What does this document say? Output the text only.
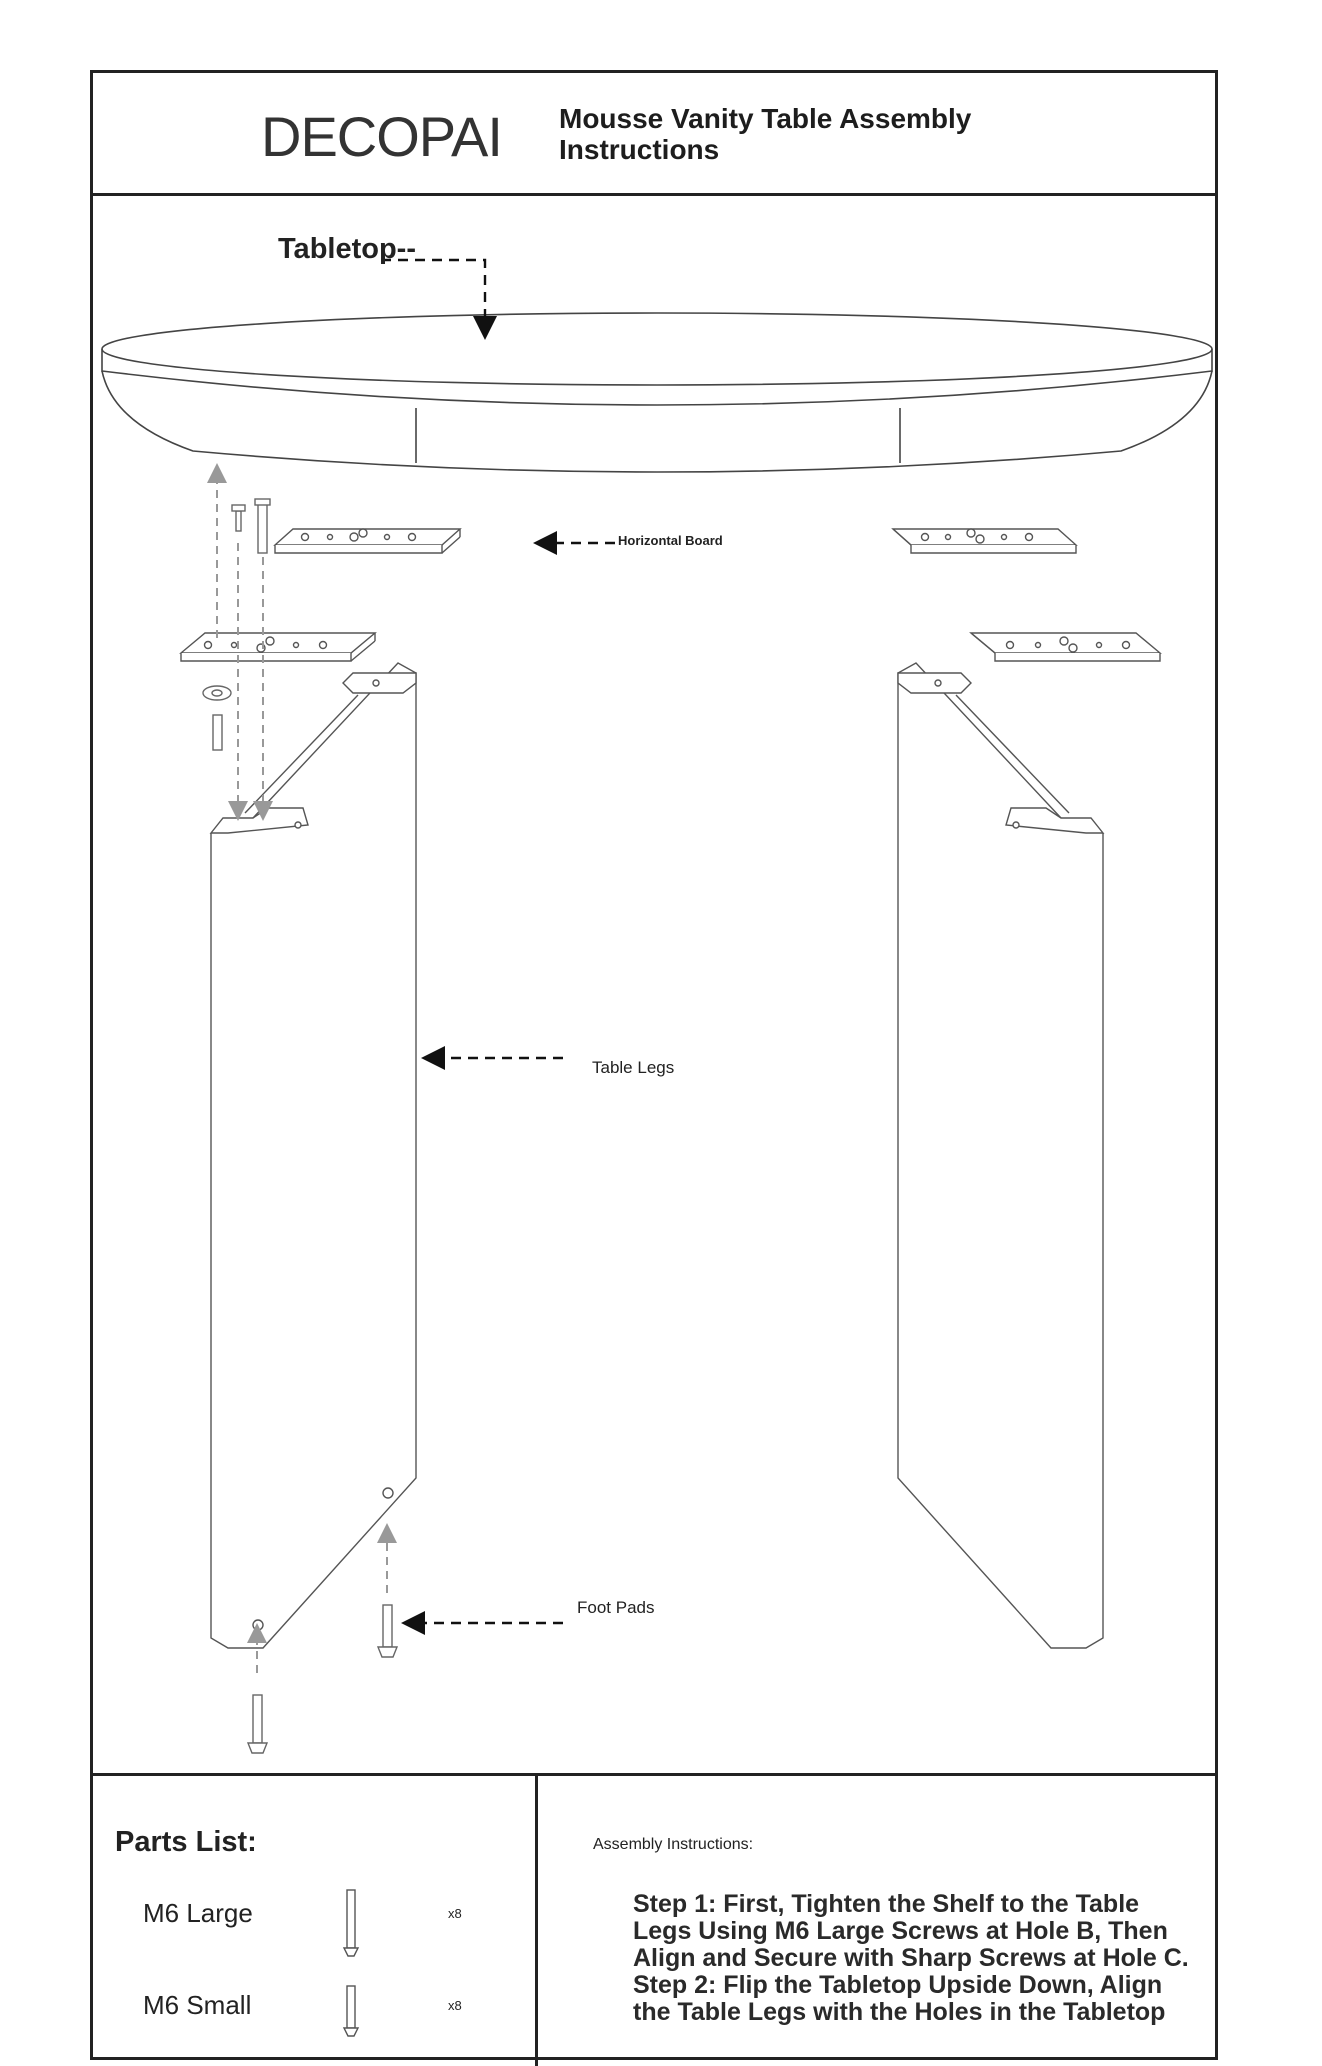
DECOPAI Mousse Vanity Table Assembly Instructions
Tabletop--
Horizontal Board
Table Legs
Foot Pads
Parts List:
M6 Large	x8
M6 Small	x8
Assembly Instructions:

Step 1: First, Tighten the Shelf to the Table Legs Using M6 Large Screws at Hole B, Then Align and Secure with Sharp Screws at Hole C.

Step 2: Flip the Tabletop Upside Down, Align the Table Legs with the Holes in the Tabletop
